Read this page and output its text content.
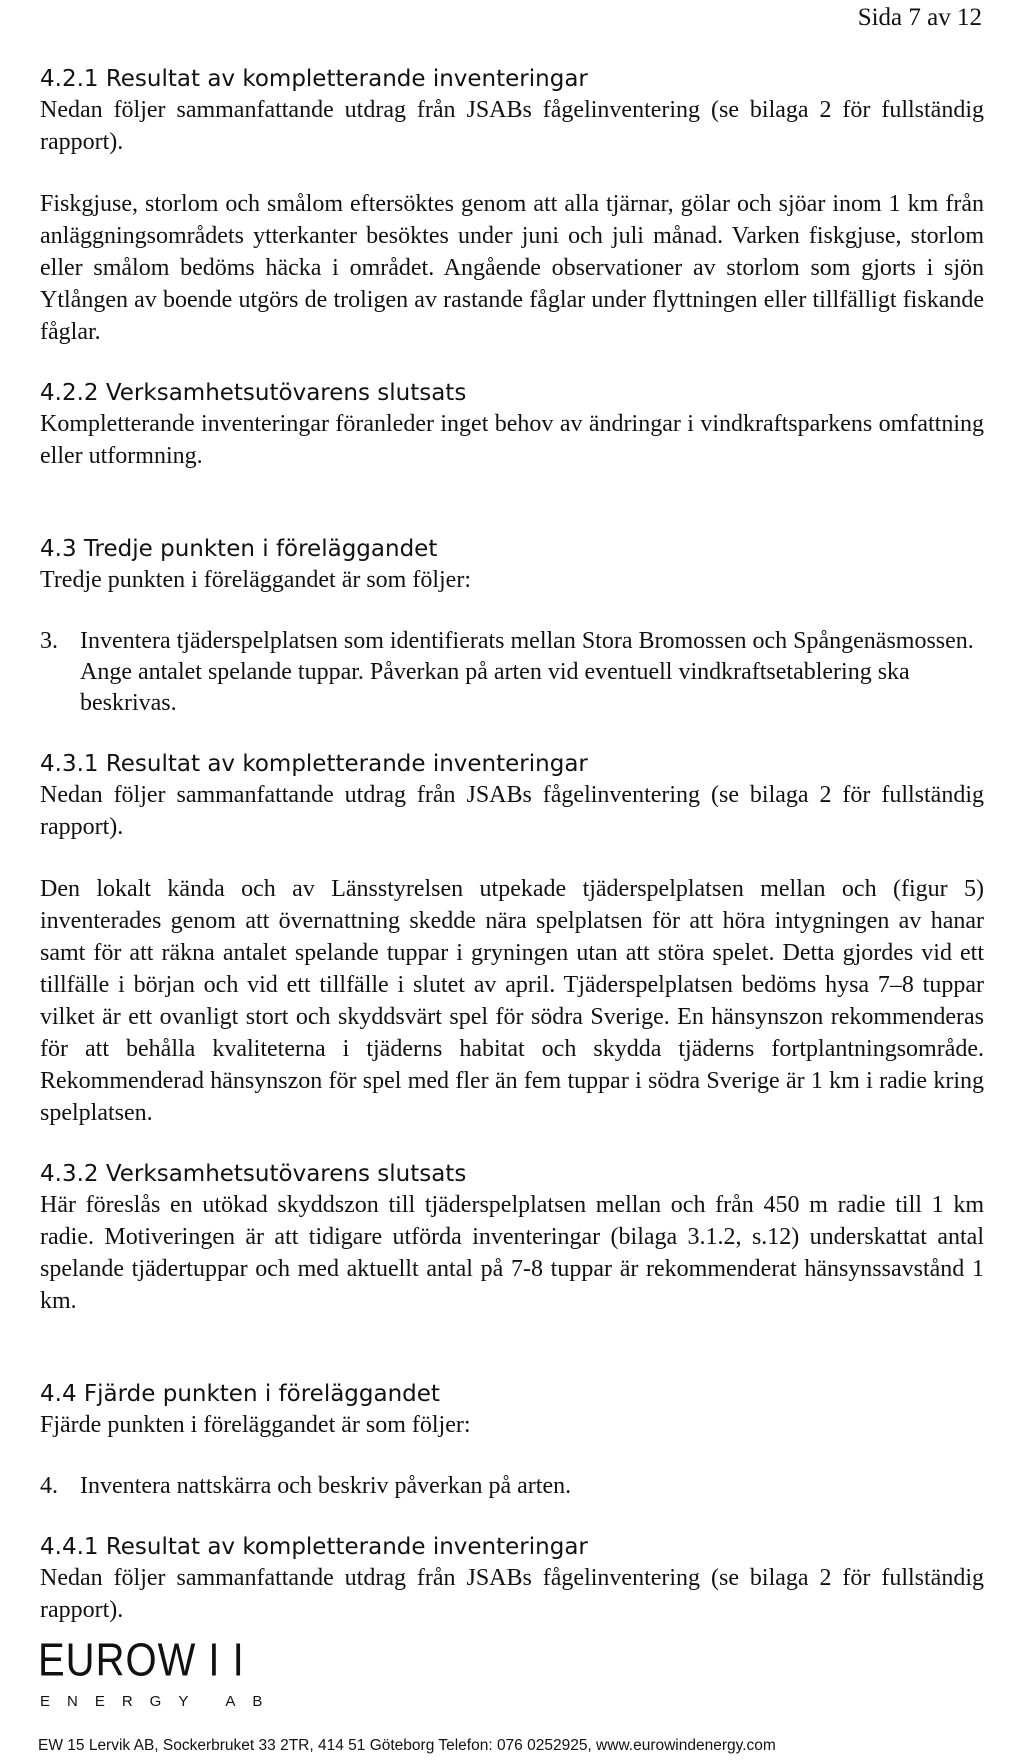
Sida 7 av 12
4.2.1 Resultat av kompletterande inventeringar

Nedan följer sammanfattande utdrag från JSABs fågelinventering (se bilaga 2 för fullständig rapport).

Fiskgjuse, storlom och smålom eftersöktes genom att alla tjärnar, gölar och sjöar inom 1 km från anläggningsområdets ytterkanter besöktes under juni och juli månad. Varken fiskgjuse, storlom eller smålom bedöms häcka i området. Angående observationer av storlom som gjorts i sjön Ytlången av boende utgörs de troligen av rastande fåglar under flyttningen eller tillfälligt fiskande fåglar.

4.2.2 Verksamhetsutövarens slutsats

Kompletterande inventeringar föranleder inget behov av ändringar i vindkraftsparkens omfattning eller utformning.

4.3 Tredje punkten i föreläggandet

Tredje punkten i föreläggandet är som följer:

3. Inventera tjäderspelplatsen som identifierats mellan Stora Bromossen och Spångenäsmossen. Ange antalet spelande tuppar. Påverkan på arten vid eventuell vindkraftsetablering ska beskrivas.
4.3.1 Resultat av kompletterande inventeringar

Nedan följer sammanfattande utdrag från JSABs fågelinventering (se bilaga 2 för fullständig rapport).

Den lokalt kända och av Länsstyrelsen utpekade tjäderspelplatsen mellan och (figur 5) inventerades genom att övernattning skedde nära spelplatsen för att höra intygningen av hanar samt för att räkna antalet spelande tuppar i gryningen utan att störa spelet. Detta gjordes vid ett tillfälle i början och vid ett tillfälle i slutet av april. Tjäderspelplatsen bedöms hysa 7–8 tuppar vilket är ett ovanligt stort och skyddsvärt spel för södra Sverige. En hänsynszon rekommenderas för att behålla kvaliteterna i tjäderns habitat och skydda tjäderns fortplantningsområde. Rekommenderad hänsynszon för spel med fler än fem tuppar i södra Sverige är 1 km i radie kring spelplatsen.

4.3.2 Verksamhetsutövarens slutsats

Här föreslås en utökad skyddszon till tjäderspelplatsen mellan och från 450 m radie till 1 km radie. Motiveringen är att tidigare utförda inventeringar (bilaga 3.1.2, s.12) underskattat antal spelande tjädertuppar och med aktuellt antal på 7-8 tuppar är rekommenderat hänsynssavstånd 1 km.

4.4 Fjärde punkten i föreläggandet

Fjärde punkten i föreläggandet är som följer:

4. Inventera nattskärra och beskriv påverkan på arten.
4.4.1 Resultat av kompletterande inventeringar

Nedan följer sammanfattande utdrag från JSABs fågelinventering (se bilaga 2 för fullständig rapport).

EUROW I I
ENERGY AB
EW 15 Lervik AB, Sockerbruket 33 2TR, 414 51 Göteborg Telefon: 076 0252925, www.eurowindenergy.com
